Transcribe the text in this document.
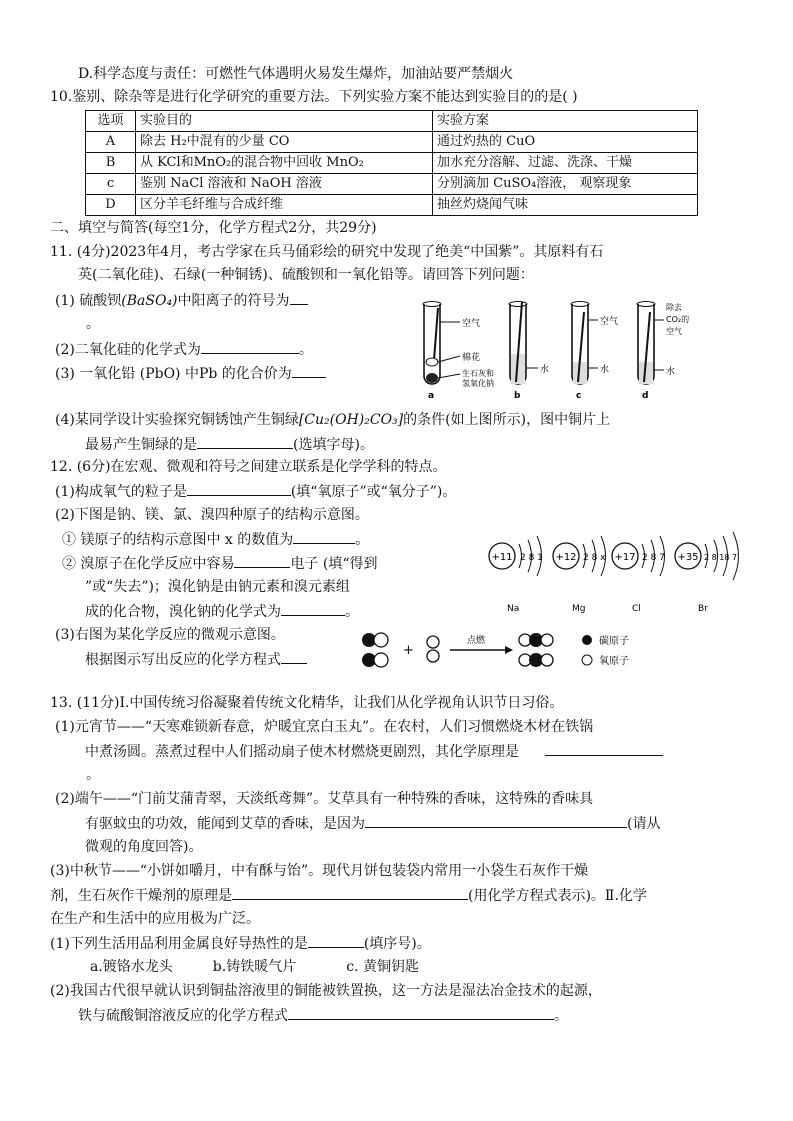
D.科学态度与责任：可燃性气体遇明火易发生爆炸，加油站要严禁烟火
10.鉴别、除杂等是进行化学研究的重要方法。下列实验方案不能达到实验目的的是( )
选项	实验目的	实验方案
A	除去 H₂中混有的少量 CO	通过灼热的 CuO
B	从 KCl和MnO₂的混合物中回收 MnO₂	加水充分溶解、过滤、洗涤、干燥
c	鉴别 NaCl 溶液和 NaOH 溶液	分别滴加 CuSO₄溶液， 观察现象
D	区分羊毛纤维与合成纤维	抽丝灼烧闻气味
二、填空与简答(每空1分，化学方程式2分，共29分)
11. (4分)2023年4月，考古学家在兵马俑彩绘的研究中发现了绝美“中国紫”。其原料有石
英(二氧化硅)、石绿(一种铜锈)、硫酸钡和一氧化铅等。请回答下列问题：
(1) 硫酸钡(BaSO₄)中阳离子的符号为
。
(2)二氧化硅的化学式为	。
(3) 一氧化铅 (PbO) 中Pb 的化合价为
空气
棉花
生石灰和
氢氧化钠
a
水
b
空气
水
c
除去
CO₂的
空气
水
d
(4)某同学设计实验探究铜锈蚀产生铜绿[Cu₂(OH)₂CO₃]的条件(如上图所示)，图中铜片上
最易产生铜绿的是	(选填字母)。
12. (6分)在宏观、微观和符号之间建立联系是化学学科的特点。
(1)构成氧气的粒子是	(填“氧原子”或“氧分子”)。
(2)下图是钠、镁、氯、溴四种原子的结构示意图。
① 镁原子的结构示意图中 x 的数值为	。
② 溴原子在化学反应中容易	电子 (填“得到
”或“失去”)；溴化钠是由钠元素和溴元素组
成的化合物，溴化钠的化学式为	。
+11 2 8 1
Na
+12 2 8 x
Mg
+17 2 8 7
Cl
+35 2 8 18 7
Br
(3)右图为某化学反应的微观示意图。
根据图示写出反应的化学方程式
+
点燃	碳原子
氧原子
13. (11分)Ⅰ.中国传统习俗凝聚着传统文化精华，让我们从化学视角认识节日习俗。
(1)元宵节——“天寒难锁新春意，炉暖宜烹白玉丸”。在农村，人们习惯燃烧木材在铁锅
中煮汤圆。蒸煮过程中人们摇动扇子使木材燃烧更剧烈，其化学原理是
。
(2)端午——“门前艾蒲青翠，天淡纸鸢舞”。艾草具有一种特殊的香味，这特殊的香味具
有驱蚊虫的功效，能闻到艾草的香味，是因为	(请从
微观的角度回答)。
(3)中秋节——“小饼如嚼月，中有酥与饴”。现代月饼包装袋内常用一小袋生石灰作干燥
剂，生石灰作干燥剂的原理是	(用化学方程式表示)。Ⅱ.化学
在生产和生活中的应用极为广泛。
(1)下列生活用品利用金属良好导热性的是	(填序号)。
a.镀铬水龙头	b.铸铁暖气片	c. 黄铜钥匙
(2)我国古代很早就认识到铜盐溶液里的铜能被铁置换，这一方法是湿法冶金技术的起源，
铁与硫酸铜溶液反应的化学方程式	。
